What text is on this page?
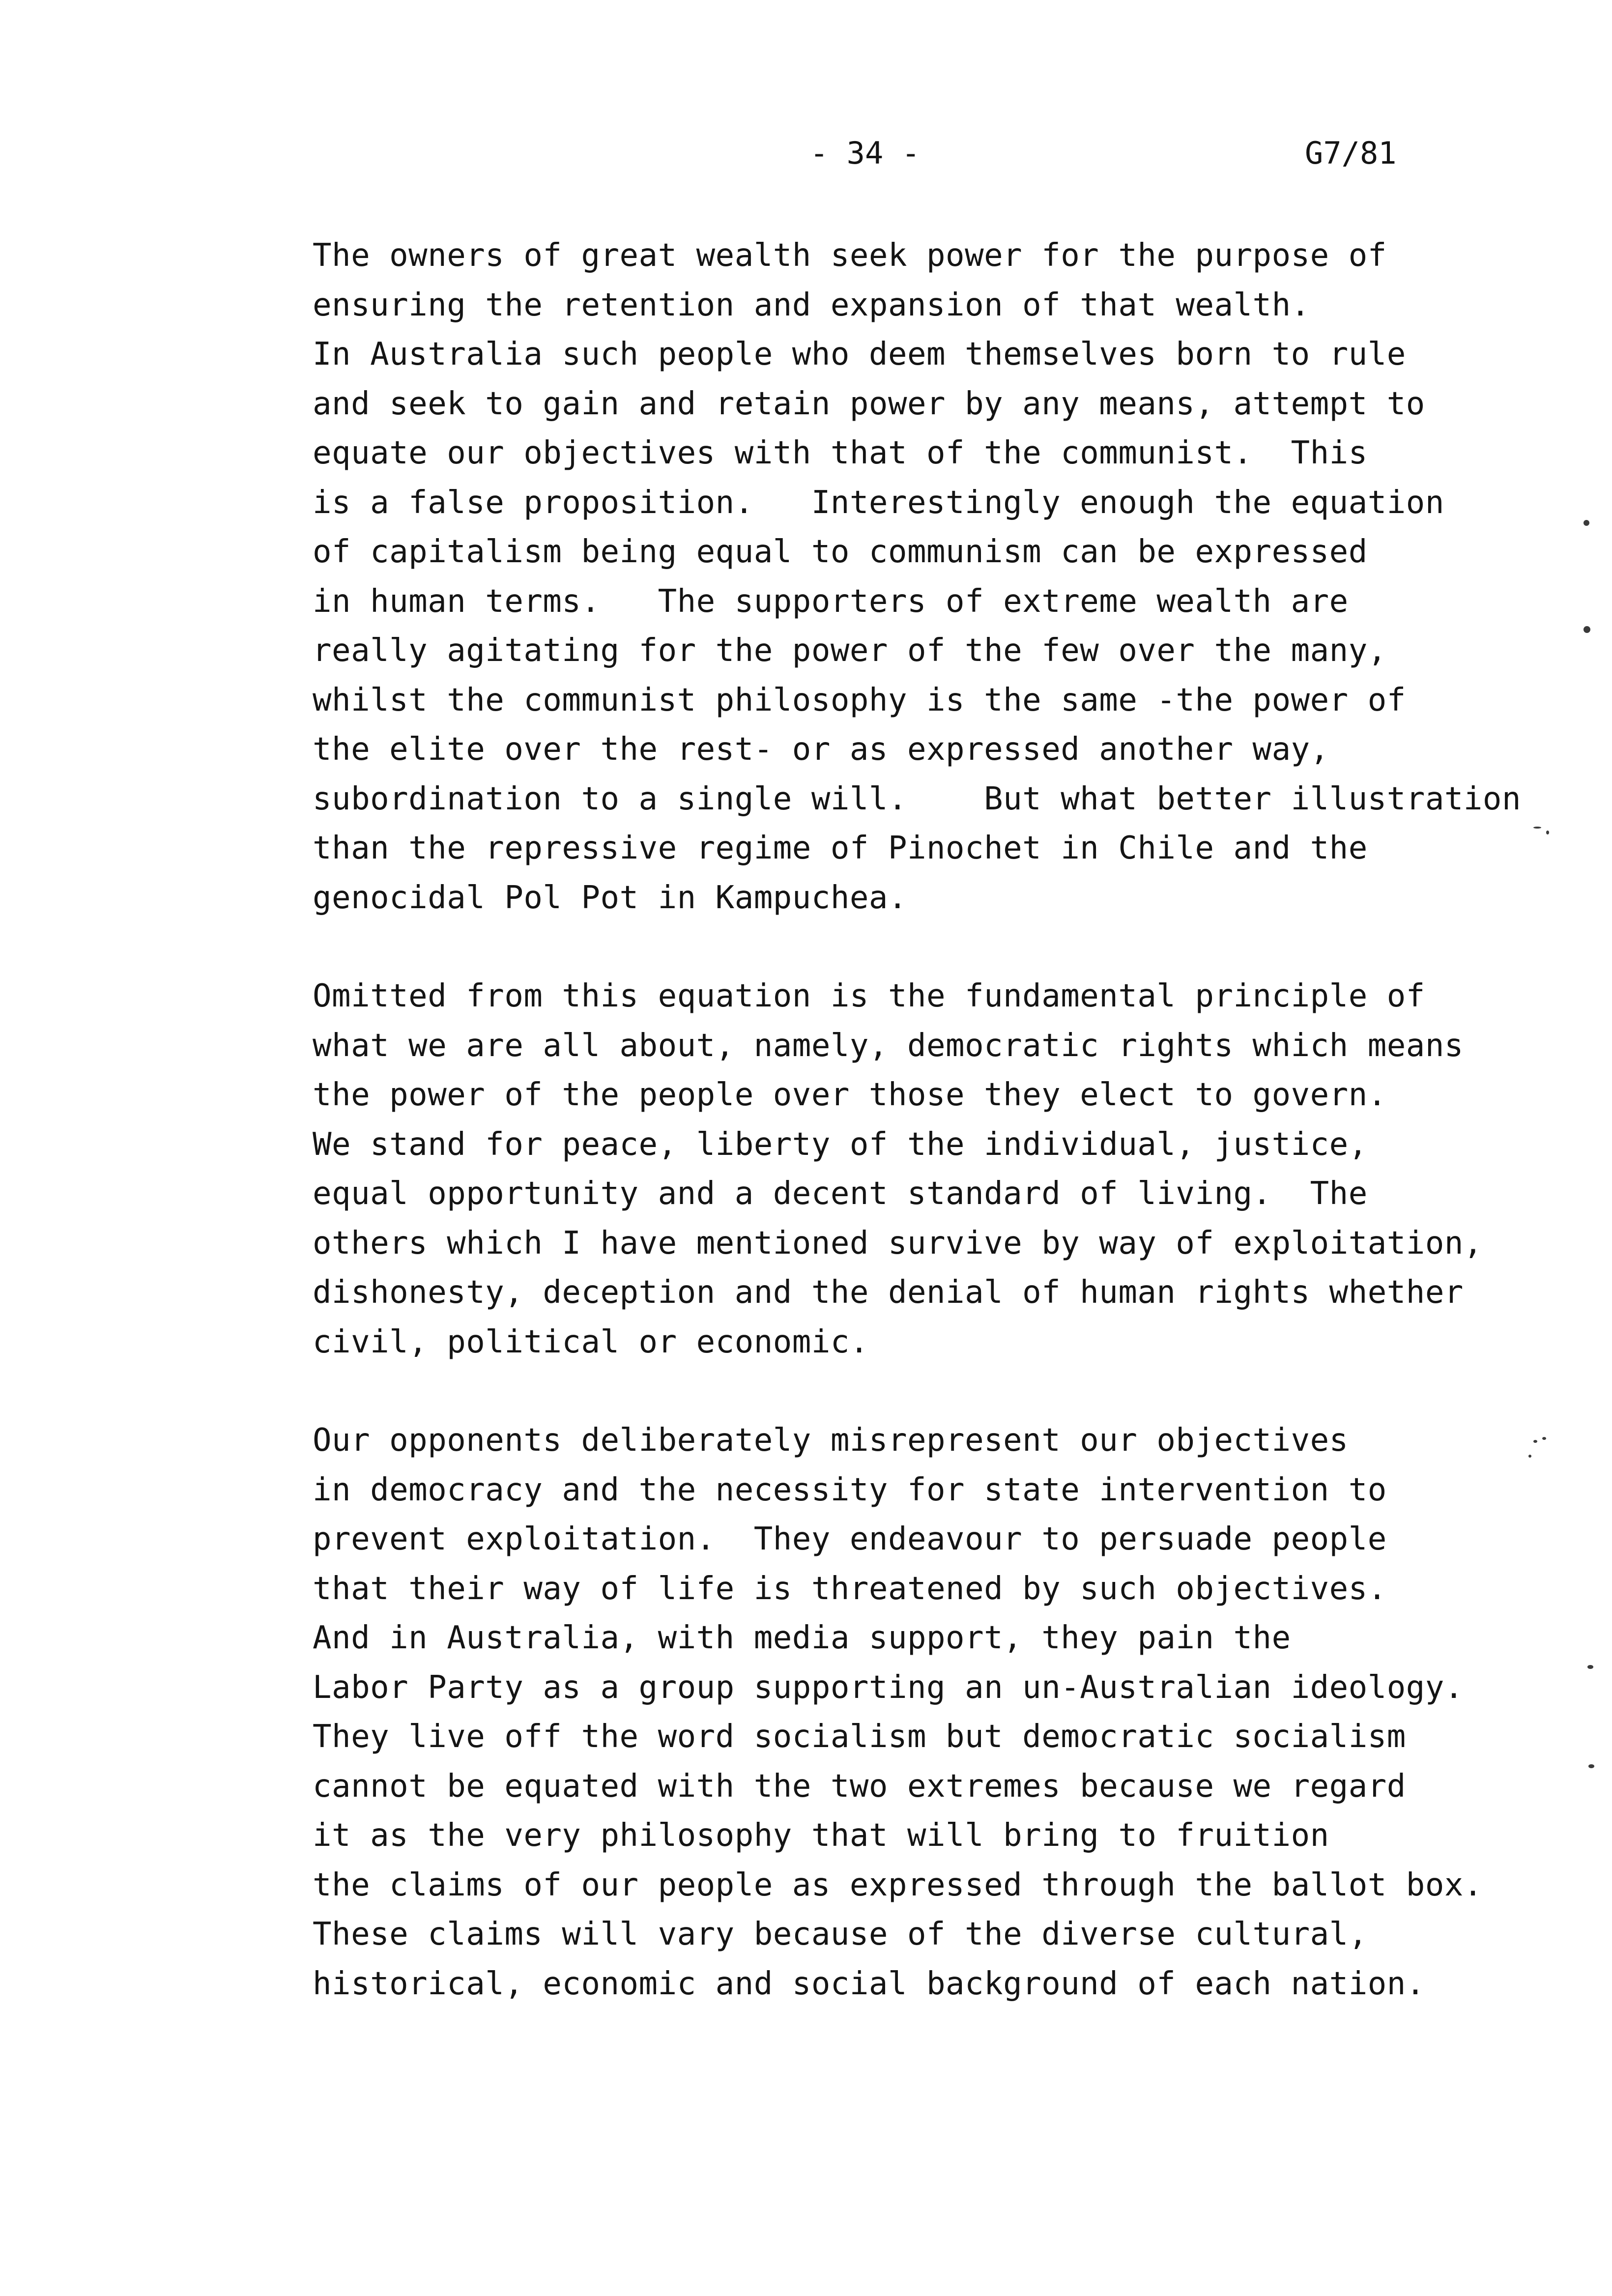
- 34 -	G7/81
The owners of great wealth seek power for the purpose of
ensuring the retention and expansion of that wealth.
In Australia such people who deem themselves born to rule
and seek to gain and retain power by any means, attempt to
equate our objectives with that of the communist.  This
is a false proposition.   Interestingly enough the equation
of capitalism being equal to communism can be expressed
in human terms.   The supporters of extreme wealth are
really agitating for the power of the few over the many,
whilst the communist philosophy is the same -the power of
the elite over the rest- or as expressed another way,
subordination to a single will.    But what better illustration
than the repressive regime of Pinochet in Chile and the
genocidal Pol Pot in Kampuchea.
Omitted from this equation is the fundamental principle of
what we are all about, namely, democratic rights which means
the power of the people over those they elect to govern.
We stand for peace, liberty of the individual, justice,
equal opportunity and a decent standard of living.  The
others which I have mentioned survive by way of exploitation,
dishonesty, deception and the denial of human rights whether
civil, political or economic.
Our opponents deliberately misrepresent our objectives
in democracy and the necessity for state intervention to
prevent exploitation.  They endeavour to persuade people
that their way of life is threatened by such objectives.
And in Australia, with media support, they pain the
Labor Party as a group supporting an un-Australian ideology.
They live off the word socialism but democratic socialism
cannot be equated with the two extremes because we regard
it as the very philosophy that will bring to fruition
the claims of our people as expressed through the ballot box.
These claims will vary because of the diverse cultural,
historical, economic and social background of each nation.
